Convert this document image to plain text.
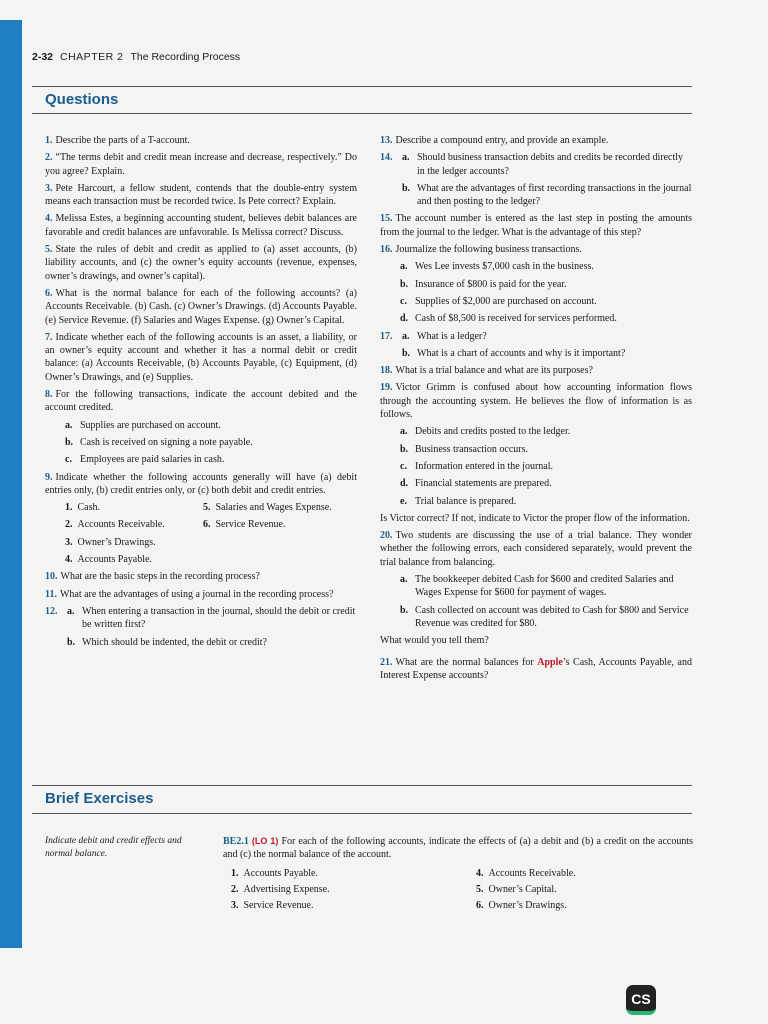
2-32 CHAPTER 2 The Recording Process
Questions

1. Describe the parts of a T-account.

2. “The terms debit and credit mean increase and decrease, respectively.” Do you agree? Explain.

3. Pete Harcourt, a fellow student, contends that the double-entry system means each transaction must be recorded twice. Is Pete correct? Explain.

4. Melissa Estes, a beginning accounting student, believes debit balances are favorable and credit balances are unfavorable. Is Melissa correct? Discuss.

5. State the rules of debit and credit as applied to (a) asset accounts, (b) liability accounts, and (c) the owner’s equity accounts (revenue, expenses, owner’s drawings, and owner’s capital).

6. What is the normal balance for each of the following accounts? (a) Accounts Receivable. (b) Cash. (c) Owner’s Drawings. (d) Accounts Payable. (e) Service Revenue. (f) Salaries and Wages Expense. (g) Owner’s Capital.

7. Indicate whether each of the following accounts is an asset, a liability, or an owner’s equity account and whether it has a normal debit or credit balance: (a) Accounts Receivable, (b) Accounts Payable, (c) Equipment, (d) Owner’s Drawings, and (e) Supplies.

8. For the following transactions, indicate the account debited and the account credited.

a. Supplies are purchased on account.
b. Cash is received on signing a note payable.
c. Employees are paid salaries in cash.

9. Indicate whether the following accounts generally will have (a) debit entries only, (b) credit entries only, or (c) both debit and credit entries.

1. Cash.	5. Salaries and Wages Expense.
2. Accounts Receivable.	6. Service Revenue.
3. Owner’s Drawings.
4. Accounts Payable.

10. What are the basic steps in the recording process?

11. What are the advantages of using a journal in the recording process?

12. a. When entering a transaction in the journal, should the debit or credit be written first?
b. Which should be indented, the debit or credit?

13. Describe a compound entry, and provide an example.

14. a. Should business transaction debits and credits be recorded directly in the ledger accounts?
b. What are the advantages of first recording transactions in the journal and then posting to the ledger?

15. The account number is entered as the last step in posting the amounts from the journal to the ledger. What is the advantage of this step?

16. Journalize the following business transactions.

a. Wes Lee invests $7,000 cash in the business.
b. Insurance of $800 is paid for the year.
c. Supplies of $2,000 are purchased on account.
d. Cash of $8,500 is received for services performed.
17. a. What is a ledger?
b. What is a chart of accounts and why is it important?

18. What is a trial balance and what are its purposes?

19. Victor Grimm is confused about how accounting information flows through the accounting system. He believes the flow of information is as follows.

a. Debits and credits posted to the ledger.
b. Business transaction occurs.
c. Information entered in the journal.
d. Financial statements are prepared.
e. Trial balance is prepared.

Is Victor correct? If not, indicate to Victor the proper flow of the information.

20. Two students are discussing the use of a trial balance. They wonder whether the following errors, each considered separately, would prevent the trial balance from balancing.

a. The bookkeeper debited Cash for $600 and credited Salaries and Wages Expense for $600 for payment of wages.
b. Cash collected on account was debited to Cash for $800 and Service Revenue was credited for $80.

What would you tell them?

21. What are the normal balances for Apple’s Cash, Accounts Payable, and Interest Expense accounts?

Brief Exercises
Indicate debit and credit effects and normal balance.
BE2.1 (LO 1) For each of the following accounts, indicate the effects of (a) a debit and (b) a credit on the accounts and (c) the normal balance of the account.
1. Accounts Payable.	4. Accounts Receivable.
2. Advertising Expense.	5. Owner’s Capital.
3. Service Revenue.	6. Owner’s Drawings.
CS
